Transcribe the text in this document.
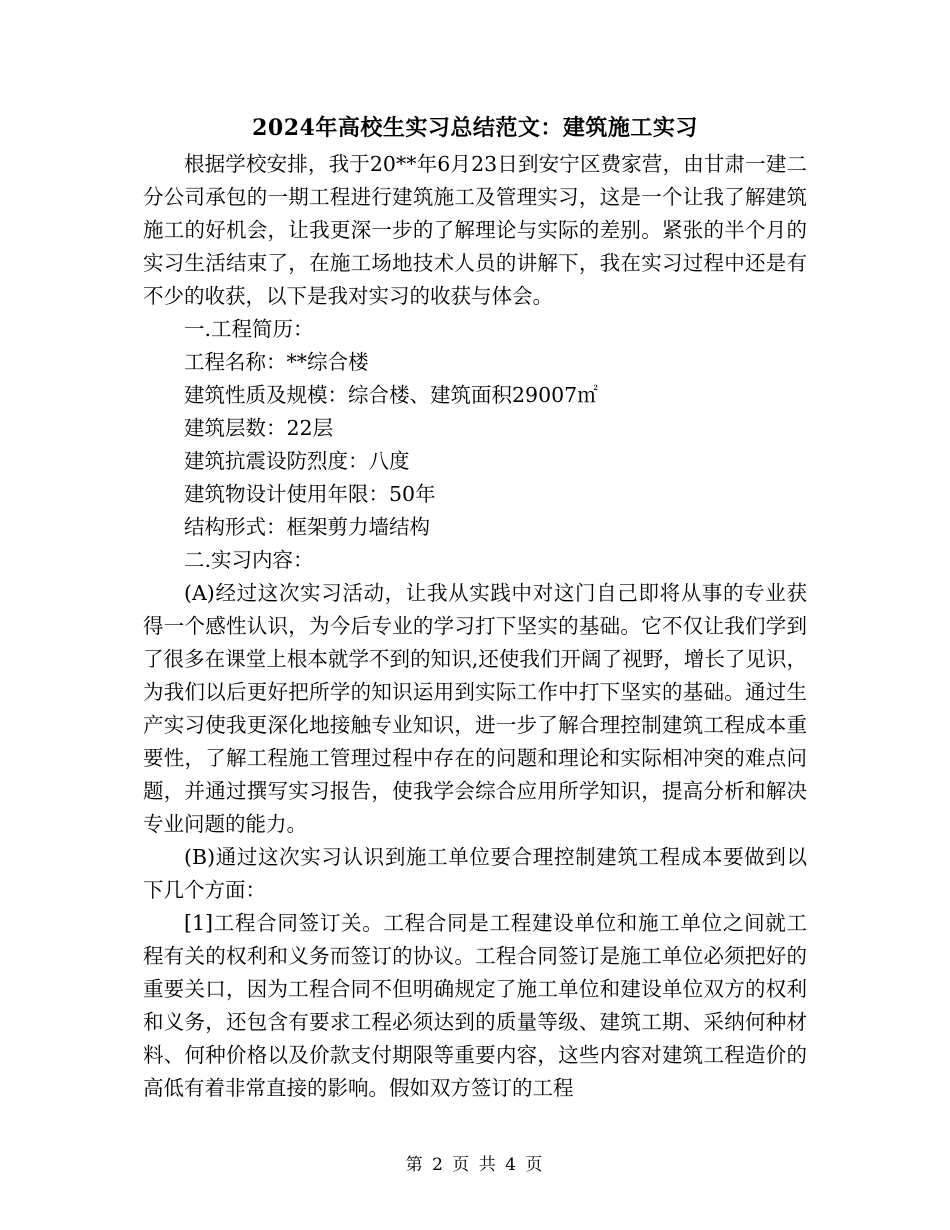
2024年高校生实习总结范文：建筑施工实习

根据学校安排，我于20**年6月23日到安宁区费家营，由甘肃一建二分公司承包的一期工程进行建筑施工及管理实习，这是一个让我了解建筑施工的好机会，让我更深一步的了解理论与实际的差别。紧张的半个月的实习生活结束了，在施工场地技术人员的讲解下，我在实习过程中还是有不少的收获，以下是我对实习的收获与体会。

一.工程简历：

工程名称：**综合楼

建筑性质及规模：综合楼、建筑面积29007㎡

建筑层数：22层

建筑抗震设防烈度：八度

建筑物设计使用年限：50年

结构形式：框架剪力墙结构

二.实习内容：

(A)经过这次实习活动，让我从实践中对这门自己即将从事的专业获得一个感性认识，为今后专业的学习打下坚实的基础。它不仅让我们学到了很多在课堂上根本就学不到的知识,还使我们开阔了视野，增长了见识，为我们以后更好把所学的知识运用到实际工作中打下坚实的基础。通过生产实习使我更深化地接触专业知识，进一步了解合理控制建筑工程成本重要性，了解工程施工管理过程中存在的问题和理论和实际相冲突的难点问题，并通过撰写实习报告，使我学会综合应用所学知识，提高分析和解决专业问题的能力。

(B)通过这次实习认识到施工单位要合理控制建筑工程成本要做到以下几个方面：

[1]工程合同签订关。工程合同是工程建设单位和施工单位之间就工程有关的权利和义务而签订的协议。工程合同签订是施工单位必须把好的重要关口，因为工程合同不但明确规定了施工单位和建设单位双方的权利和义务，还包含有要求工程必须达到的质量等级、建筑工期、采纳何种材料、何种价格以及价款支付期限等重要内容，这些内容对建筑工程造价的高低有着非常直接的影响。假如双方签订的工程

第 2 页 共 4 页
